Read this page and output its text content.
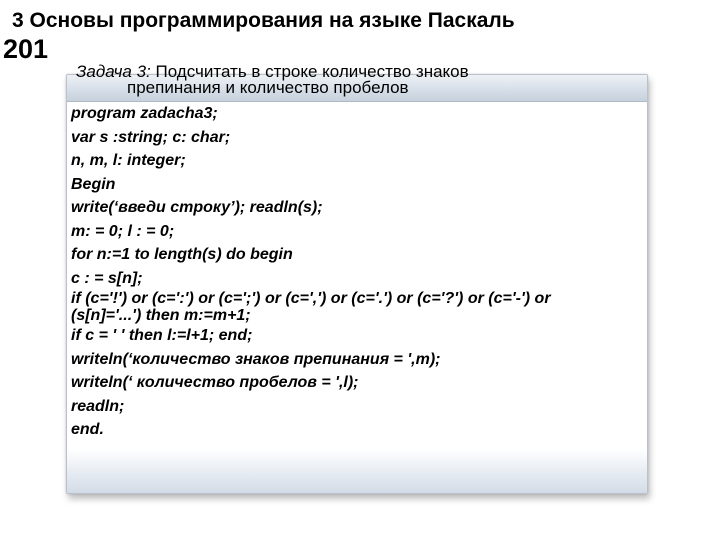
3 Основы программирования на языке Паскаль
201
Задача 3: Подсчитать в строке количество знаков
препинания и количество пробелов
program zadacha3;
var s :string; c: char;
n, m, l: integer;
Begin
write(‘введи строку’); readln(s);
m: = 0; l : = 0;
for n:=1 to length(s) do begin
c : = s[n];
if (c='!') or (c=':') or (c=';') or (c=',') or (c='.') or (c='?') or (c='-') or
(s[n]='...') then m:=m+1;
if c = ' ' then l:=l+1; end;
writeln(‘количество знаков препинания = ',m);
writeln(‘ количество пробелов = ',l);
readln;
end.
